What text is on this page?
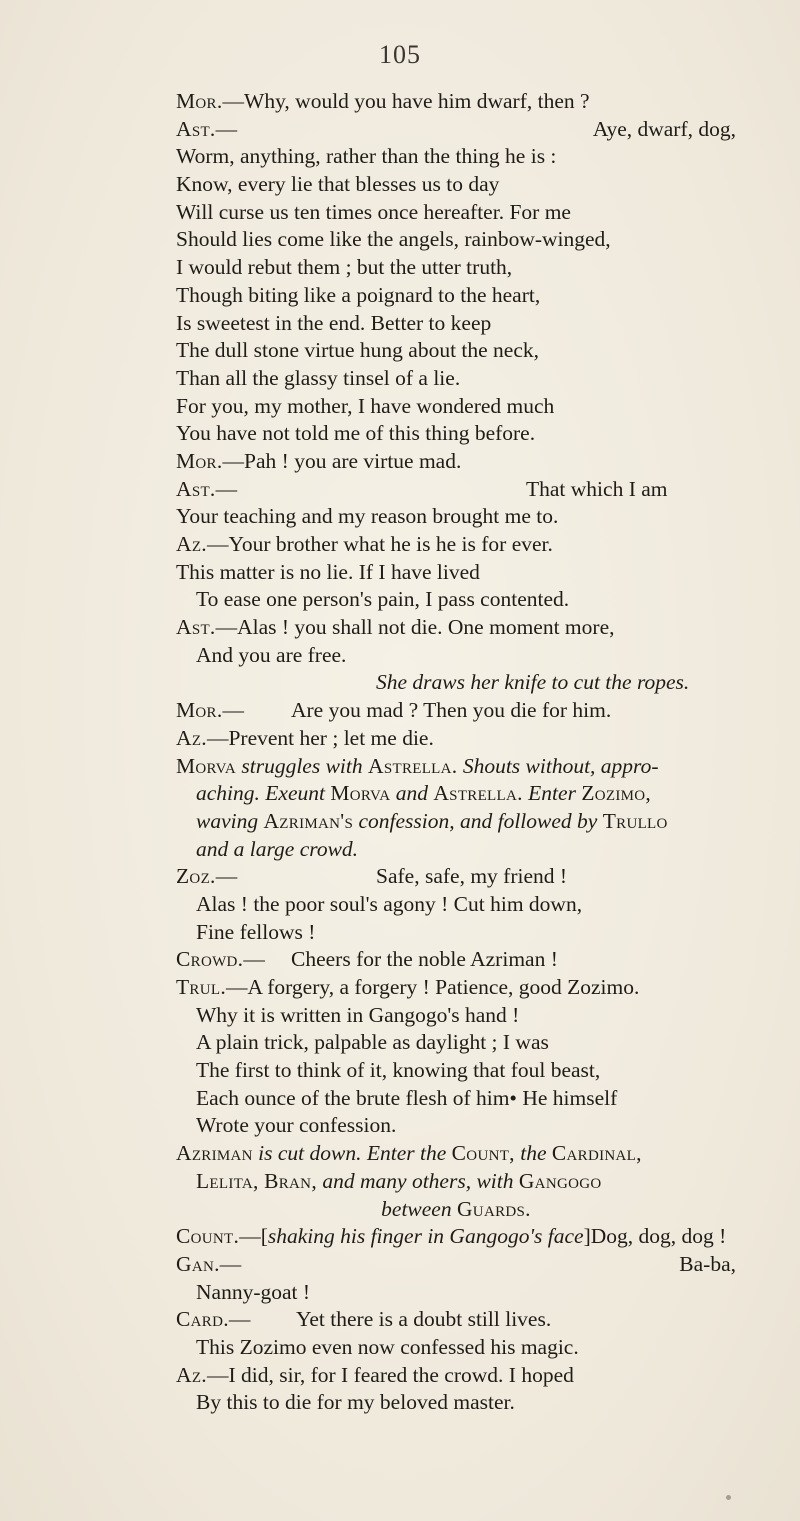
105
Mor.—Why, would you have him dwarf, then ?
Ast.—	Aye, dwarf, dog,
Worm, anything, rather than the thing he is :
Know, every lie that blesses us to day
Will curse us ten times once hereafter. For me
Should lies come like the angels, rainbow-winged,
I would rebut them ; but the utter truth,
Though biting like a poignard to the heart,
Is sweetest in the end. Better to keep
The dull stone virtue hung about the neck,
Than all the glassy tinsel of a lie.
For you, my mother, I have wondered much
You have not told me of this thing before.
Mor.—Pah ! you are virtue mad.
Ast.—	That which I am
Your teaching and my reason brought me to.
Az.—Your brother what he is he is for ever.
This matter is no lie. If I have lived
To ease one person's pain, I pass contented.
Ast.—Alas ! you shall not die. One moment more,
And you are free.
She draws her knife to cut the ropes.
Mor.— Are you mad ? Then you die for him.
Az.—Prevent her ; let me die.
Morva struggles with Astrella. Shouts without, appro-
aching. Exeunt Morva and Astrella. Enter Zozimo,
waving Azriman's confession, and followed by Trullo
and a large crowd.
Zoz.—	Safe, safe, my friend !
Alas ! the poor soul's agony ! Cut him down,
Fine fellows !
Crowd.— Cheers for the noble Azriman !
Trul.—A forgery, a forgery ! Patience, good Zozimo.
Why it is written in Gangogo's hand !
A plain trick, palpable as daylight ; I was
The first to think of it, knowing that foul beast,
Each ounce of the brute flesh of him• He himself
Wrote your confession.
Azriman is cut down. Enter the Count, the Cardinal,
Lelita, Bran, and many others, with Gangogo
between Guards.
Count.—[shaking his finger in Gangogo's face]Dog, dog, dog !
Gan.—	Ba-ba,
Nanny-goat !
Card.— Yet there is a doubt still lives.
This Zozimo even now confessed his magic.
Az.—I did, sir, for I feared the crowd. I hoped
By this to die for my beloved master.
